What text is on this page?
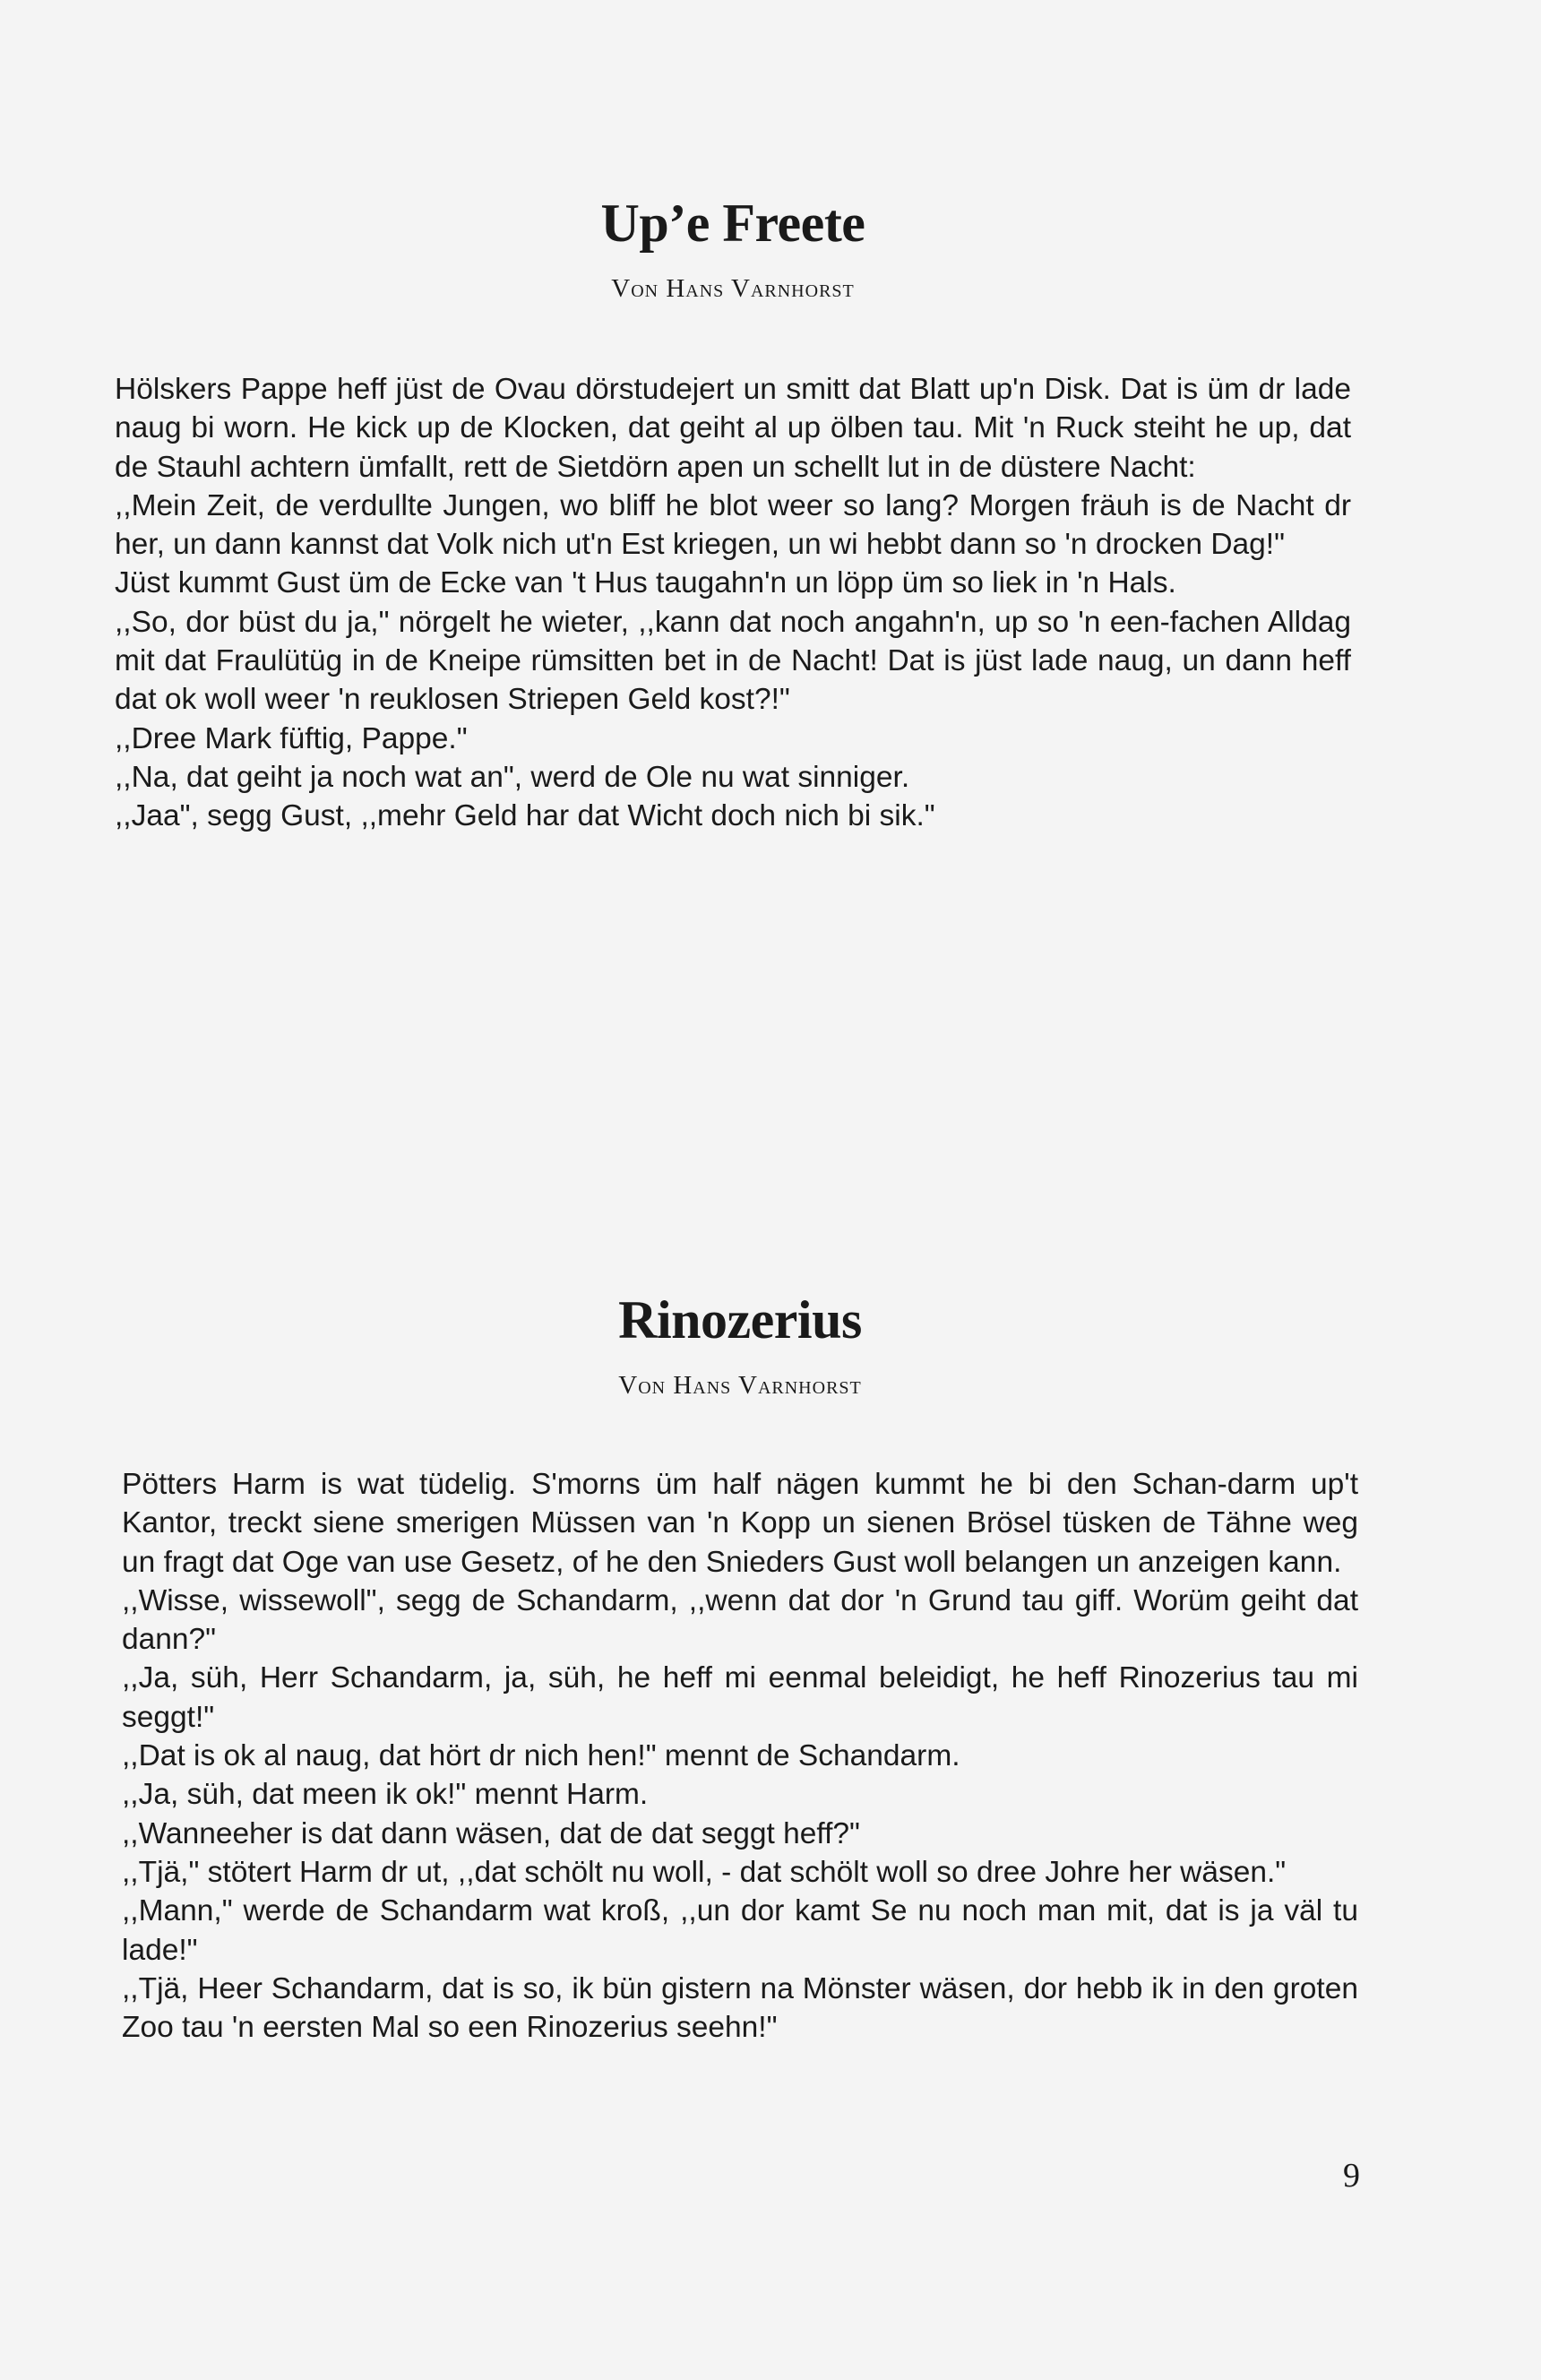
Up’e Freete

Von Hans Varnhorst

Hölskers Pappe heff jüst de Ovau dörstudejert un smitt dat Blatt up'n Disk. Dat is üm dr lade naug bi worn. He kick up de Klocken, dat geiht al up ölben tau. Mit 'n Ruck steiht he up, dat de Stauhl achtern ümfallt, rett de Sietdörn apen un schellt lut in de düstere Nacht:

,,Mein Zeit, de verdullte Jungen, wo bliff he blot weer so lang? Morgen fräuh is de Nacht dr her, un dann kannst dat Volk nich ut'n Est kriegen, un wi hebbt dann so 'n drocken Dag!"

Jüst kummt Gust üm de Ecke van 't Hus taugahn'n un löpp üm so liek in 'n Hals.

,,So, dor büst du ja," nörgelt he wieter, ,,kann dat noch angahn'n, up so 'n een-fachen Alldag mit dat Fraulütüg in de Kneipe rümsitten bet in de Nacht! Dat is jüst lade naug, un dann heff dat ok woll weer 'n reuklosen Striepen Geld kost?!"

,,Dree Mark füftig, Pappe."

,,Na, dat geiht ja noch wat an", werd de Ole nu wat sinniger.

,,Jaa", segg Gust, ,,mehr Geld har dat Wicht doch nich bi sik."

Rinozerius

Von Hans Varnhorst

Pötters Harm is wat tüdelig. S'morns üm half nägen kummt he bi den Schan-darm up't Kantor, treckt siene smerigen Müssen van 'n Kopp un sienen Brösel tüsken de Tähne weg un fragt dat Oge van use Gesetz, of he den Snieders Gust woll belangen un anzeigen kann.

,,Wisse, wissewoll", segg de Schandarm, ,,wenn dat dor 'n Grund tau giff. Worüm geiht dat dann?"

,,Ja, süh, Herr Schandarm, ja, süh, he heff mi eenmal beleidigt, he heff Rinozerius tau mi seggt!"

,,Dat is ok al naug, dat hört dr nich hen!" mennt de Schandarm.

,,Ja, süh, dat meen ik ok!" mennt Harm.

,,Wanneeher is dat dann wäsen, dat de dat seggt heff?"

,,Tjä," stötert Harm dr ut, ,,dat schölt nu woll, - dat schölt woll so dree Johre her wäsen."

,,Mann," werde de Schandarm wat kroß, ,,un dor kamt Se nu noch man mit, dat is ja väl tu lade!"

,,Tjä, Heer Schandarm, dat is so, ik bün gistern na Mönster wäsen, dor hebb ik in den groten Zoo tau 'n eersten Mal so een Rinozerius seehn!"

9
